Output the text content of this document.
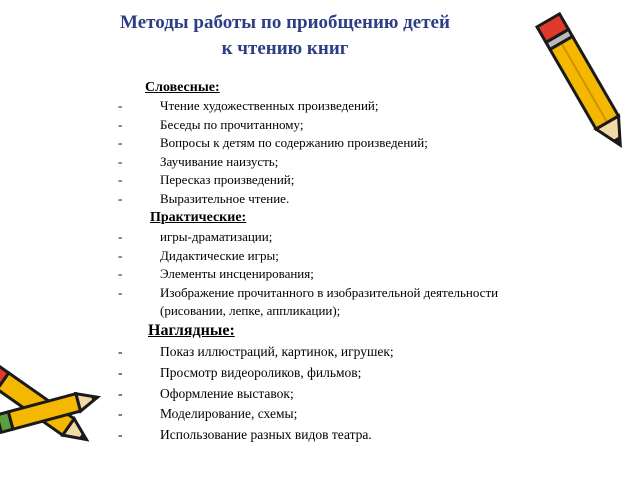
Методы работы по приобщению детей
к чтению книг

Словесные:

-	Чтение художественных произведений;
-	Беседы по прочитанному;
-	Вопросы к детям по содержанию произведений;
-	Заучивание наизусть;
-	Пересказ произведений;
-	Выразительное чтение.

Практические:

-	игры-драматизации;
-	Дидактические игры;
-	Элементы инсценирования;
-	Изображение прочитанного в изобразительной деятельности (рисовании, лепке, аппликации);

Наглядные:

-	Показ иллюстраций, картинок, игрушек;
-	Просмотр видеороликов, фильмов;
-	Оформление выставок;
-	Моделирование, схемы;
-	Использование разных видов театра.
